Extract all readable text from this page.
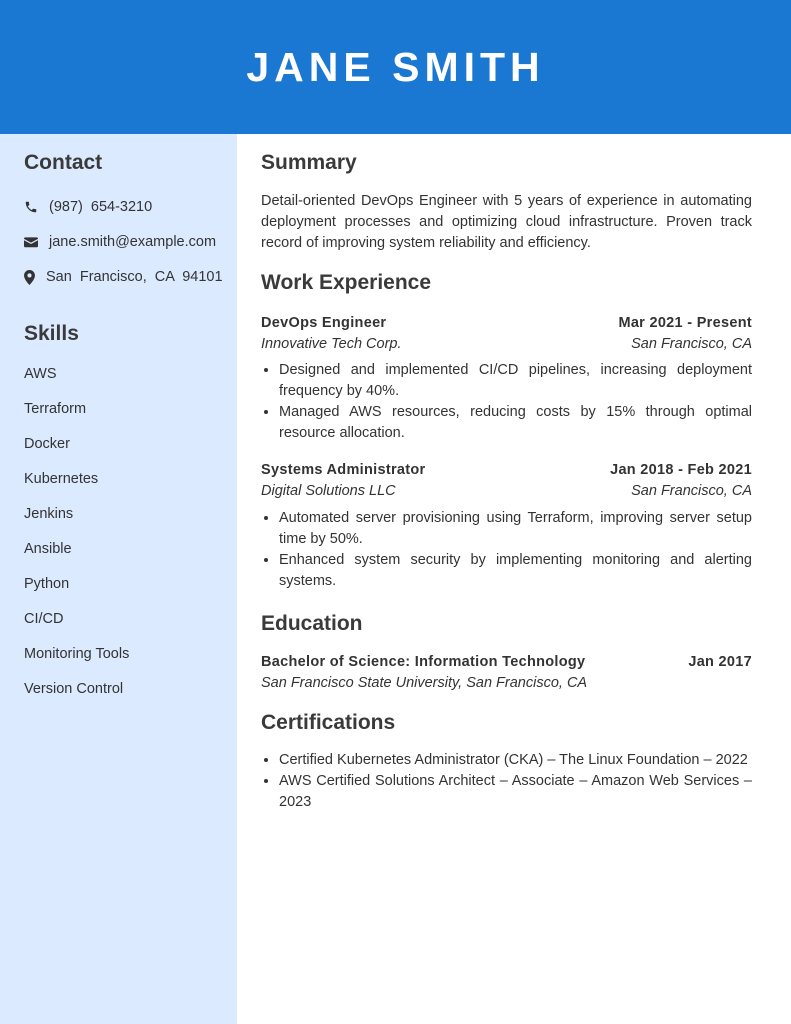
JANE SMITH
Contact
(987)  654-3210
jane.smith@example.com
San  Francisco,  CA  94101
Skills
AWS
Terraform
Docker
Kubernetes
Jenkins
Ansible
Python
CI/CD
Monitoring Tools
Version Control
Summary

Detail-oriented DevOps Engineer with 5 years of experience in automating deployment processes and optimizing cloud infrastructure. Proven track record of improving system reliability and efficiency.

Work Experience
DevOps Engineer	Mar 2021 - Present
Innovative Tech Corp.	San Francisco, CA
• Designed and implemented CI/CD pipelines, increasing deployment frequency by 40%.
• Managed AWS resources, reducing costs by 15% through optimal resource allocation.
Systems Administrator	Jan 2018 - Feb 2021
Digital Solutions LLC	San Francisco, CA
• Automated server provisioning using Terraform, improving server setup time by 50%.
• Enhanced system security by implementing monitoring and alerting systems.
Education
Bachelor of Science: Information Technology	Jan 2017
San Francisco State University, San Francisco, CA
Certifications
• Certified Kubernetes Administrator (CKA) – The Linux Foundation – 2022
• AWS Certified Solutions Architect – Associate – Amazon Web Services – 2023
